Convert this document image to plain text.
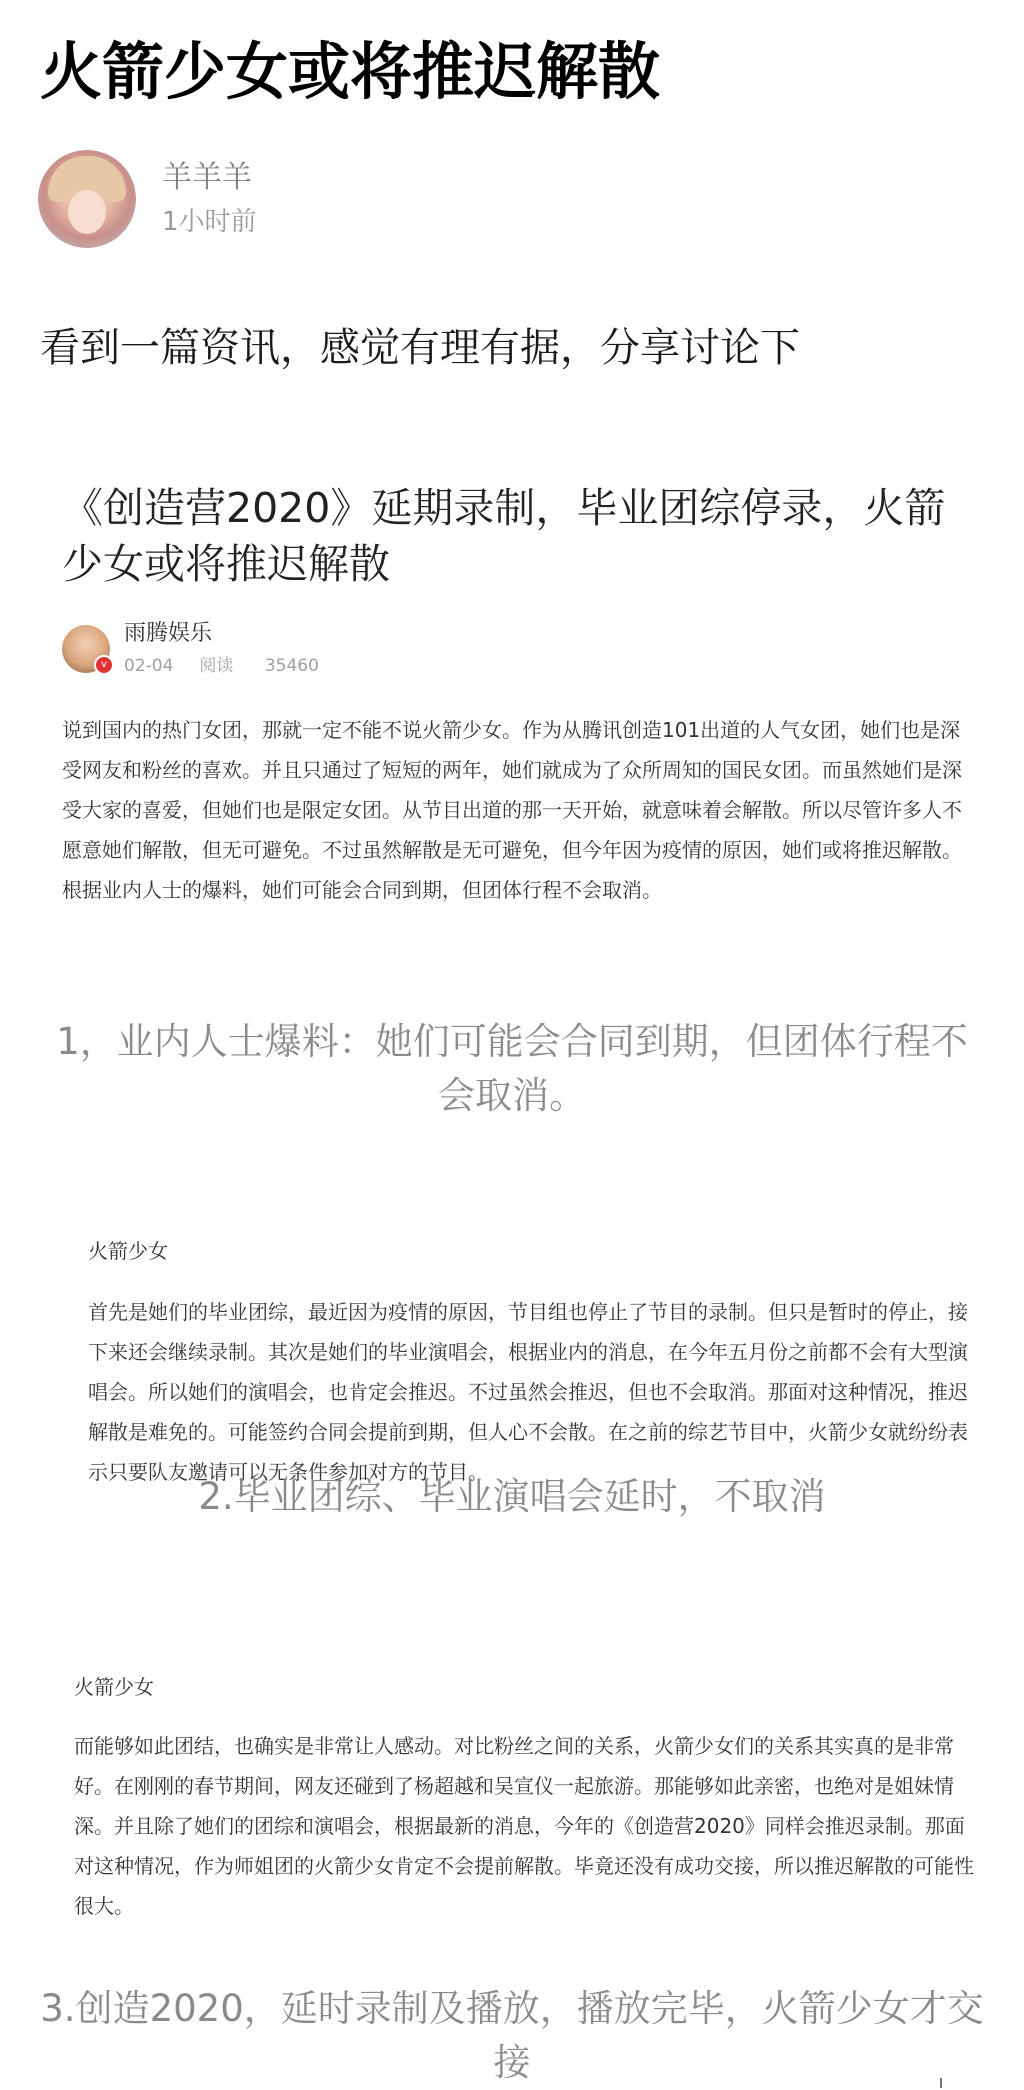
火箭少女或将推迟解散
羊羊羊
1小时前
看到一篇资讯，感觉有理有据，分享讨论下
《创造营2020》延期录制，毕业团综停录，火箭少女或将推迟解散
v
雨腾娱乐
02-04 阅读 35460
说到国内的热门女团，那就一定不能不说火箭少女。作为从腾讯创造101出道的人气女团，她们也是深受网友和粉丝的喜欢。并且只通过了短短的两年，她们就成为了众所周知的国民女团。而虽然她们是深受大家的喜爱，但她们也是限定女团。从节目出道的那一天开始，就意味着会解散。所以尽管许多人不愿意她们解散，但无可避免。不过虽然解散是无可避免，但今年因为疫情的原因，她们或将推迟解散。根据业内人士的爆料，她们可能会合同到期，但团体行程不会取消。
1，业内人士爆料：她们可能会合同到期，但团体行程不会取消。
火箭少女
首先是她们的毕业团综，最近因为疫情的原因，节目组也停止了节目的录制。但只是暂时的停止，接下来还会继续录制。其次是她们的毕业演唱会，根据业内的消息，在今年五月份之前都不会有大型演唱会。所以她们的演唱会，也肯定会推迟。不过虽然会推迟，但也不会取消。那面对这种情况，推迟解散是难免的。可能签约合同会提前到期，但人心不会散。在之前的综艺节目中，火箭少女就纷纷表示只要队友邀请可以无条件参加对方的节目。
2.毕业团综、毕业演唱会延时，不取消
火箭少女
而能够如此团结，也确实是非常让人感动。对比粉丝之间的关系，火箭少女们的关系其实真的是非常好。在刚刚的春节期间，网友还碰到了杨超越和吴宣仪一起旅游。那能够如此亲密，也绝对是姐妹情深。并且除了她们的团综和演唱会，根据最新的消息，今年的《创造营2020》同样会推迟录制。那面对这种情况，作为师姐团的火箭少女肯定不会提前解散。毕竟还没有成功交接，所以推迟解散的可能性很大。
3.创造2020，延时录制及播放，播放完毕，火箭少女才交接
